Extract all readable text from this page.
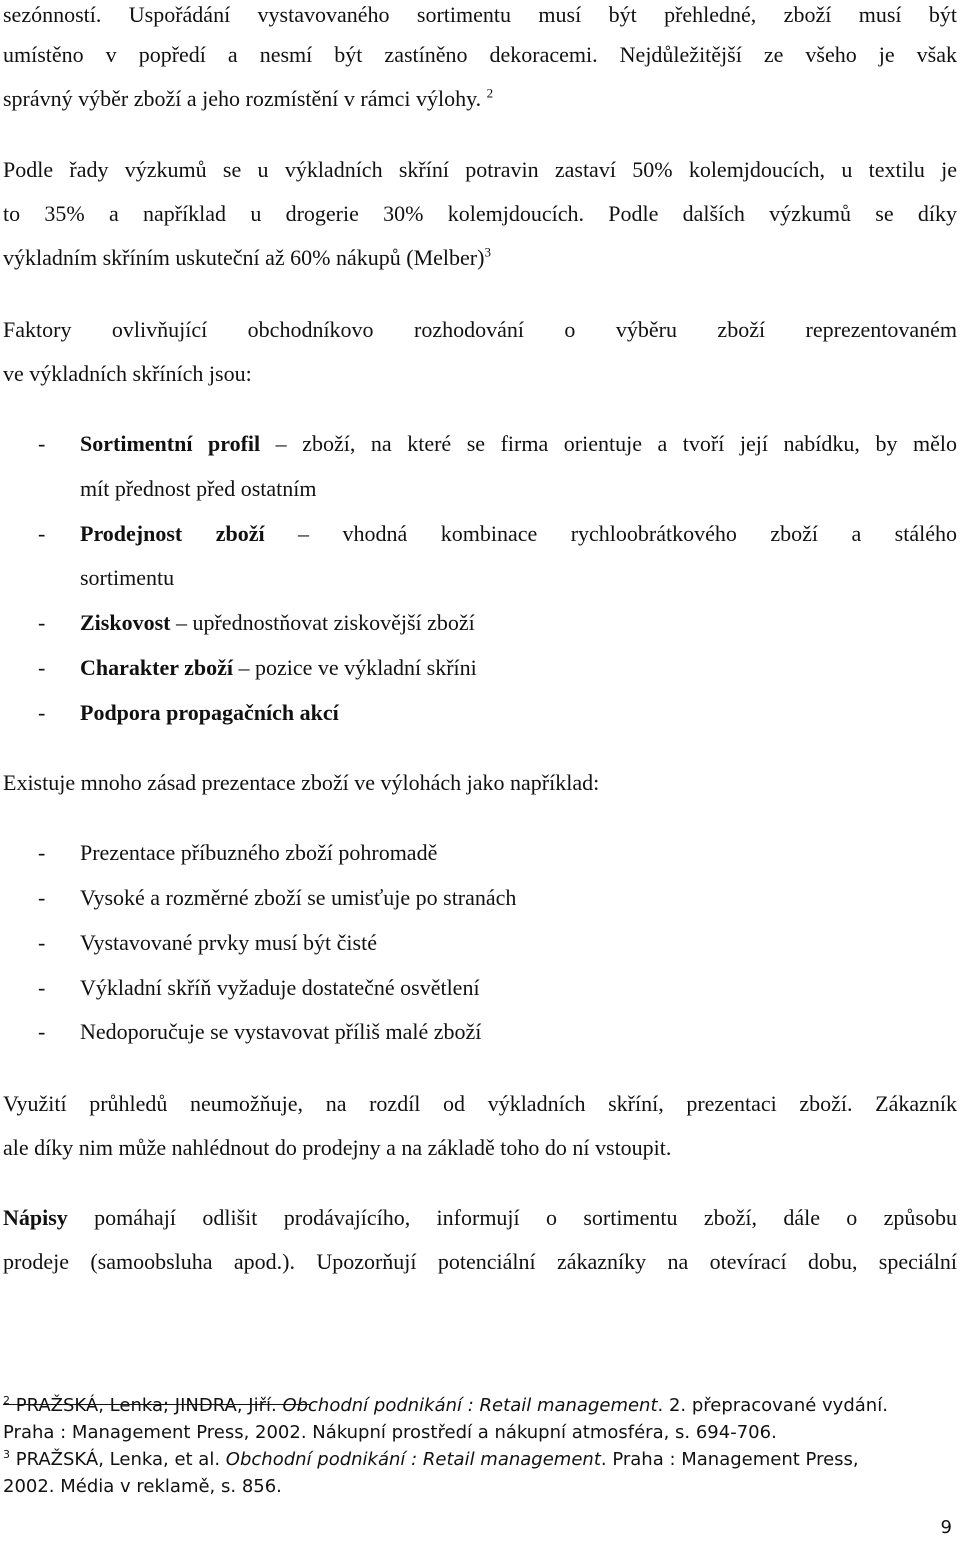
sezónností. Uspořádání vystavovaného sortimentu musí být přehledné, zboží musí být
umístěno v popředí a nesmí být zastíněno dekoracemi. Nejdůležitější ze všeho je však
správný výběr zboží a jeho rozmístění v rámci výlohy. $^2$
Podle řady výzkumů se u výkladních skříní potravin zastaví 50% kolemjdoucích, u textilu je
to 35% a například u drogerie 30% kolemjdoucích. Podle dalších výzkumů se díky
výkladním skříním uskuteční až 60% nákupů (Melber)$^3$
Faktory ovlivňující obchodníkovo rozhodování o výběru zboží reprezentovaném
ve výkladních skříních jsou:
- Sortimentní profil – zboží, na které se firma orientuje a tvoří její nabídku, by mělo
mít přednost před ostatním
- Prodejnost zboží – vhodná kombinace rychloobrátkového zboží a stálého
sortimentu
- Ziskovost – upřednostňovat ziskovější zboží
- Charakter zboží – pozice ve výkladní skříni
- Podpora propagačních akcí
Existuje mnoho zásad prezentace zboží ve výlohách jako například:
- Prezentace příbuzného zboží pohromadě
- Vysoké a rozměrné zboží se umisťuje po stranách
- Vystavované prvky musí být čisté
- Výkladní skříň vyžaduje dostatečné osvětlení
- Nedoporučuje se vystavovat příliš malé zboží
Využití průhledů neumožňuje, na rozdíl od výkladních skříní, prezentaci zboží. Zákazník
ale díky nim může nahlédnout do prodejny a na základě toho do ní vstoupit.
Nápisy pomáhají odlišit prodávajícího, informují o sortimentu zboží, dále o způsobu
prodeje (samoobsluha apod.). Upozorňují potenciální zákazníky na otevírací dobu, speciální
$^2$ PRAŽSKÁ, Lenka; JINDRA, Jiří. Obchodní podnikání : Retail management. 2. přepracované vydání.
Praha : Management Press, 2002. Nákupní prostředí a nákupní atmosféra, s. 694-706.
$^3$ PRAŽSKÁ, Lenka, et al. Obchodní podnikání : Retail management. Praha : Management Press,
2002. Média v reklamě, s. 856.
9
